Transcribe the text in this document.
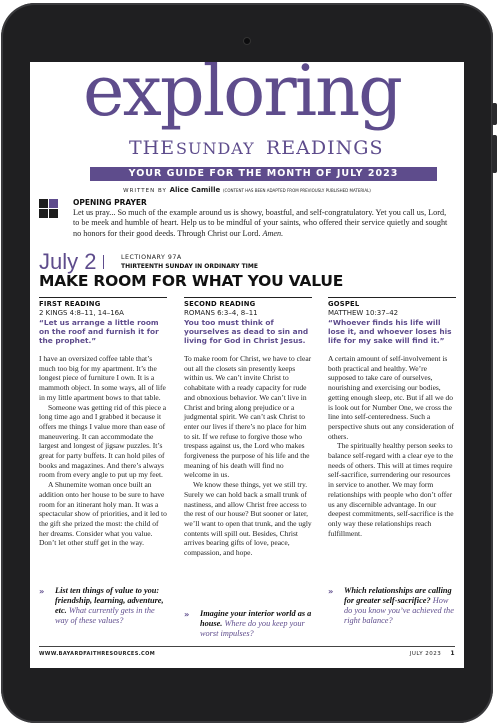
exploring
THE SUNDAY READINGS
YOUR GUIDE FOR THE MONTH OF JULY 2023
WRITTEN BY Alice Camille (CONTENT HAS BEEN ADAPTED FROM PREVIOUSLY PUBLISHED MATERIAL)
OPENING PRAYER
Let us pray... So much of the example around us is showy, boastful, and self-congratulatory. Yet you call us, Lord, to be meek and humble of heart. Help us to be mindful of your saints, who offered their service quietly and sought no honors for their good deeds. Through Christ our Lord. Amen.
July 2	LECTIONARY 97A
THIRTEENTH SUNDAY IN ORDINARY TIME
MAKE ROOM FOR WHAT YOU VALUE
FIRST READING
2 KINGS 4:8–11, 14–16A
“Let us arrange a little room on the roof and furnish it for the prophet.”

I have an oversized coffee table that’s much too big for my apartment. It’s the longest piece of furniture I own. It is a mammoth object. In some ways, all of life in my little apartment bows to that table.

Someone was getting rid of this piece a long time ago and I grabbed it because it offers me things I value more than ease of maneuvering. It can accommodate the largest and longest of jigsaw puzzles. It’s great for party buffets. It can hold piles of books and magazines. And there’s always room from every angle to put up my feet.

A Shunemite woman once built an addition onto her house to be sure to have room for an itinerant holy man. It was a spectacular show of priorities, and it led to the gift she prized the most: the child of her dreams. Consider what you value. Don’t let other stuff get in the way.

SECOND READING
ROMANS 6:3–4, 8–11
You too must think of yourselves as dead to sin and living for God in Christ Jesus.

To make room for Christ, we have to clear out all the closets sin presently keeps within us. We can’t invite Christ to cohabitate with a ready capacity for rude and obnoxious behavior. We can’t live in Christ and bring along prejudice or a judgmental spirit. We can’t ask Christ to enter our lives if there’s no place for him to sit. If we refuse to forgive those who trespass against us, the Lord who makes forgiveness the purpose of his life and the meaning of his death will find no welcome in us.

We know these things, yet we still try. Surely we can hold back a small trunk of nastiness, and allow Christ free access to the rest of our house? But sooner or later, we’ll want to open that trunk, and the ugly contents will spill out. Besides, Christ arrives bearing gifts of love, peace, compassion, and hope.

GOSPEL
MATTHEW 10:37–42
“Whoever finds his life will lose it, and whoever loses his life for my sake will find it.”

A certain amount of self-involvement is both practical and healthy. We’re supposed to take care of ourselves, nourishing and exercising our bodies, getting enough sleep, etc. But if all we do is look out for Number One, we cross the line into self-centeredness. Such a perspective shuts out any consideration of others.

The spiritually healthy person seeks to balance self-regard with a clear eye to the needs of others. This will at times require self-sacrifice, surrendering our resources in service to another. We may form relationships with people who don’t offer us any discernible advantage. In our deepest commitments, self-sacrifice is the only way these relationships reach fulfillment.

»	List ten things of value to you: friendship, learning, adventure, etc. What currently gets in the way of these values?
»	Imagine your interior world as a house. Where do you keep your worst impulses?
»	Which relationships are calling for greater self-sacrifice? How do you know you’ve achieved the right balance?
WWW.BAYARDFAITHRESOURCES.COM	JULY 2023 1
